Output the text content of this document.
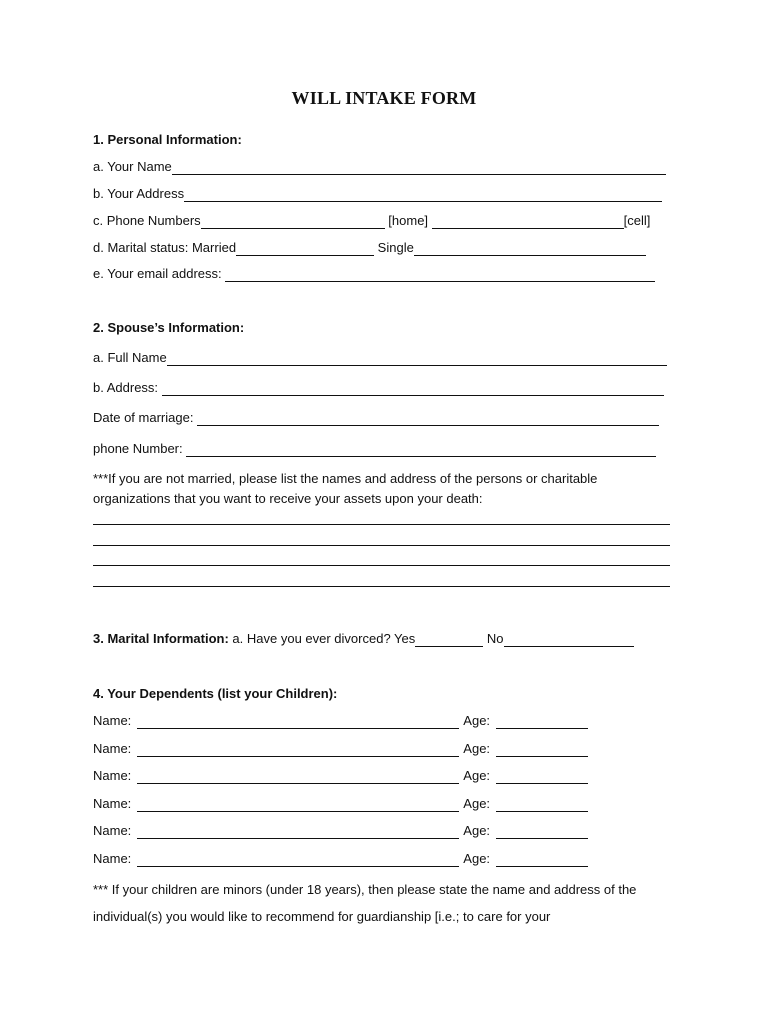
WILL INTAKE FORM
1. Personal Information:
a. Your Name
b. Your Address
c. Phone Numbers	[home]	[cell]
d. Marital status: Married	Single
e. Your email address:
2. Spouse’s Information:
a. Full Name
b. Address:
Date of marriage:
phone Number:
***If you are not married, please list the names and address of the persons or charitable organizations that you want to receive your assets upon your death:
3. Marital Information: a. Have you ever divorced? Yes	No
4. Your Dependents (list your Children):
Name:	Age:
Name:	Age:
Name:	Age:
Name:	Age:
Name:	Age:
Name:	Age:
*** If your children are minors (under 18 years), then please state the name and address of the individual(s) you would like to recommend for guardianship [i.e.; to care for your
